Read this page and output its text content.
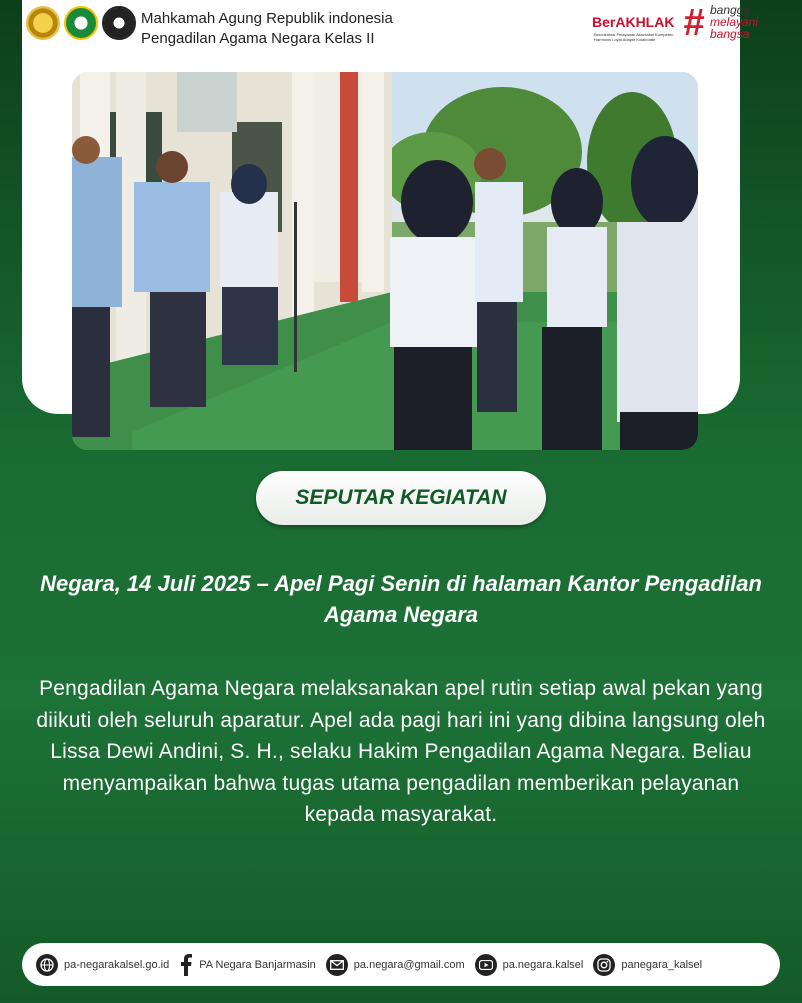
Mahkamah Agung Republik indonesia
Pengadilan Agama Negara Kelas II
BerAKHLAK
Berorientasi Pelayanan Akuntabel Kompeten Harmonis Loyal Adaptif Kolaboratif # bangga
melayani
bangsa
SEPUTAR KEGIATAN
Negara, 14 Juli 2025 – Apel Pagi Senin di halaman Kantor Pengadilan Agama Negara
Pengadilan Agama Negara melaksanakan apel rutin setiap awal pekan yang diikuti oleh seluruh aparatur. Apel ada pagi hari ini yang dibina langsung oleh Lissa Dewi Andini, S. H., selaku Hakim Pengadilan Agama Negara. Beliau menyampaikan bahwa tugas utama pengadilan memberikan pelayanan kepada masyarakat.
pa-negarakalsel.go.id	PA Negara Banjarmasin	pa.negara@gmail.com	pa.negara.kalsel	panegara_kalsel
